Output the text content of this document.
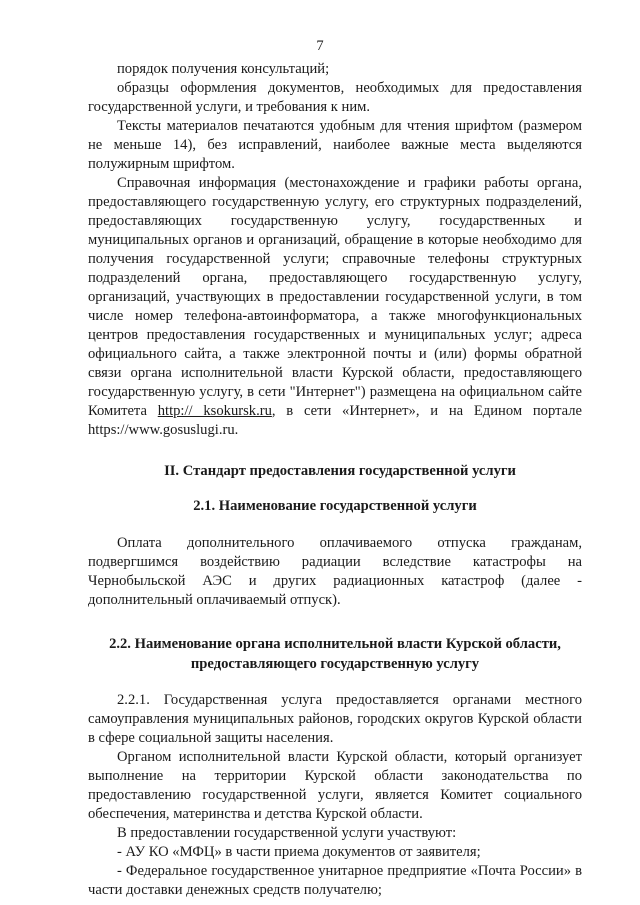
7

порядок получения консультаций;

образцы оформления документов, необходимых для предоставления государственной услуги, и требования к ним.

Тексты материалов печатаются удобным для чтения шрифтом (размером не меньше 14), без исправлений, наиболее важные места выделяются полужирным шрифтом.

Справочная информация (местонахождение и графики работы органа, предоставляющего государственную услугу, его структурных подразделений, предоставляющих государственную услугу, государственных и муниципальных органов и организаций, обращение в которые необходимо для получения государственной услуги; справочные телефоны структурных подразделений органа, предоставляющего государственную услугу, организаций, участвующих в предоставлении государственной услуги, в том числе номер телефона-автоинформатора, а также многофункциональных центров предоставления государственных и муниципальных услуг; адреса официального сайта, а также электронной почты и (или) формы обратной связи органа исполнительной власти Курской области, предоставляющего государственную услугу, в сети "Интернет") размещена на официальном сайте Комитета http:// ksokursk.ru, в сети «Интернет», и на Едином портале https://www.gosuslugi.ru.

II. Стандарт предоставления государственной услуги

2.1. Наименование государственной услуги

Оплата дополнительного оплачиваемого отпуска гражданам, подвергшимся воздействию радиации вследствие катастрофы на Чернобыльской АЭС и других радиационных катастроф (далее - дополнительный оплачиваемый отпуск).

2.2. Наименование органа исполнительной власти Курской области, предоставляющего государственную услугу

2.2.1. Государственная услуга предоставляется органами местного самоуправления муниципальных районов, городских округов Курской области в сфере социальной защиты населения.

Органом исполнительной власти Курской области, который организует выполнение на территории Курской области законодательства по предоставлению государственной услуги, является Комитет социального обеспечения, материнства и детства Курской области.

В предоставлении государственной услуги участвуют:

- АУ КО «МФЦ» в части приема документов от заявителя;

- Федеральное государственное унитарное предприятие «Почта России» в части доставки денежных средств получателю;
